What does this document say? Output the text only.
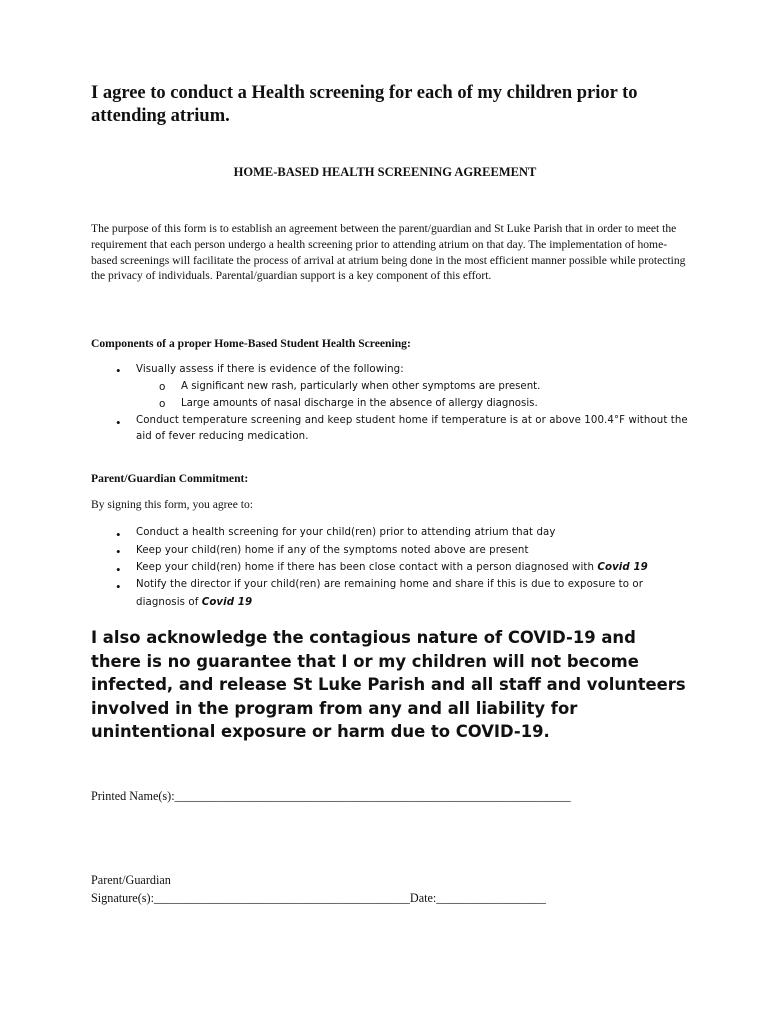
I agree to conduct a Health screening for each of my children prior to attending atrium.
HOME-BASED HEALTH SCREENING AGREEMENT
The purpose of this form is to establish an agreement between the parent/guardian and St Luke Parish that in order to meet the requirement that each person undergo a health screening prior to attending atrium on that day. The implementation of home-based screenings will facilitate the process of arrival at atrium being done in the most efficient manner possible while protecting the privacy of individuals. Parental/guardian support is a key component of this effort.
Components of a proper Home-Based Student Health Screening:
• Visually assess if there is evidence of the following:
o A significant new rash, particularly when other symptoms are present.
o Large amounts of nasal discharge in the absence of allergy diagnosis.
• Conduct temperature screening and keep student home if temperature is at or above 100.4°F without the
aid of fever reducing medication.
Parent/Guardian Commitment:
By signing this form, you agree to:
• Conduct a health screening for your child(ren) prior to attending atrium that day
• Keep your child(ren) home if any of the symptoms noted above are present
• Keep your child(ren) home if there has been close contact with a person diagnosed with Covid 19
• Notify the director if your child(ren) are remaining home and share if this is due to exposure to or
diagnosis of Covid 19
I also acknowledge the contagious nature of COVID-19 and there is no guarantee that I or my children will not become infected, and release St Luke Parish and all staff and volunteers involved in the program from any and all liability for unintentional exposure or harm due to COVID-19.
Printed Name(s):_________________________________________________________________
Parent/Guardian
Signature(s):__________________________________________Date:__________________
